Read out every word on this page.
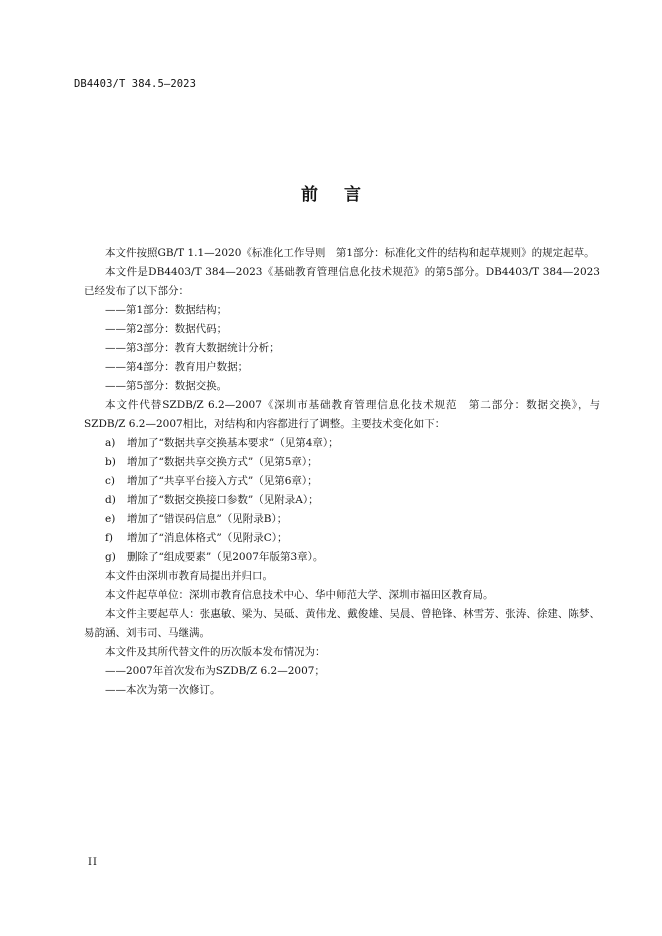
DB4403/T 384.5—2023
前言

本文件按照GB/T 1.1—2020《标准化工作导则　第1部分：标准化文件的结构和起草规则》的规定起草。

本文件是DB4403/T 384—2023《基础教育管理信息化技术规范》的第5部分。DB4403/T 384—2023已经发布了以下部分：

——第1部分：数据结构；

——第2部分：数据代码；

——第3部分：教育大数据统计分析；

——第4部分：教育用户数据；

——第5部分：数据交换。

本文件代替SZDB/Z 6.2—2007《深圳市基础教育管理信息化技术规范　第二部分：数据交换》，与SZDB/Z 6.2—2007相比，对结构和内容都进行了调整。主要技术变化如下：

a)	增加了“数据共享交换基本要求”（见第4章）；
b)	增加了“数据共享交换方式”（见第5章）；
c)	增加了“共享平台接入方式”（见第6章）；
d)	增加了“数据交换接口参数”（见附录A）；
e)	增加了“错误码信息”（见附录B）；
f)	增加了“消息体格式”（见附录C）；
g)	删除了“组成要素”（见2007年版第3章）。

本文件由深圳市教育局提出并归口。

本文件起草单位：深圳市教育信息技术中心、华中师范大学、深圳市福田区教育局。

本文件主要起草人：张惠敏、梁为、吴砥、黄伟龙、戴俊雄、吴晨、曾艳锋、林雪芳、张涛、徐建、陈梦、易韵涵、刘韦司、马继满。

本文件及其所代替文件的历次版本发布情况为：

——2007年首次发布为SZDB/Z 6.2—2007；

——本次为第一次修订。

II
